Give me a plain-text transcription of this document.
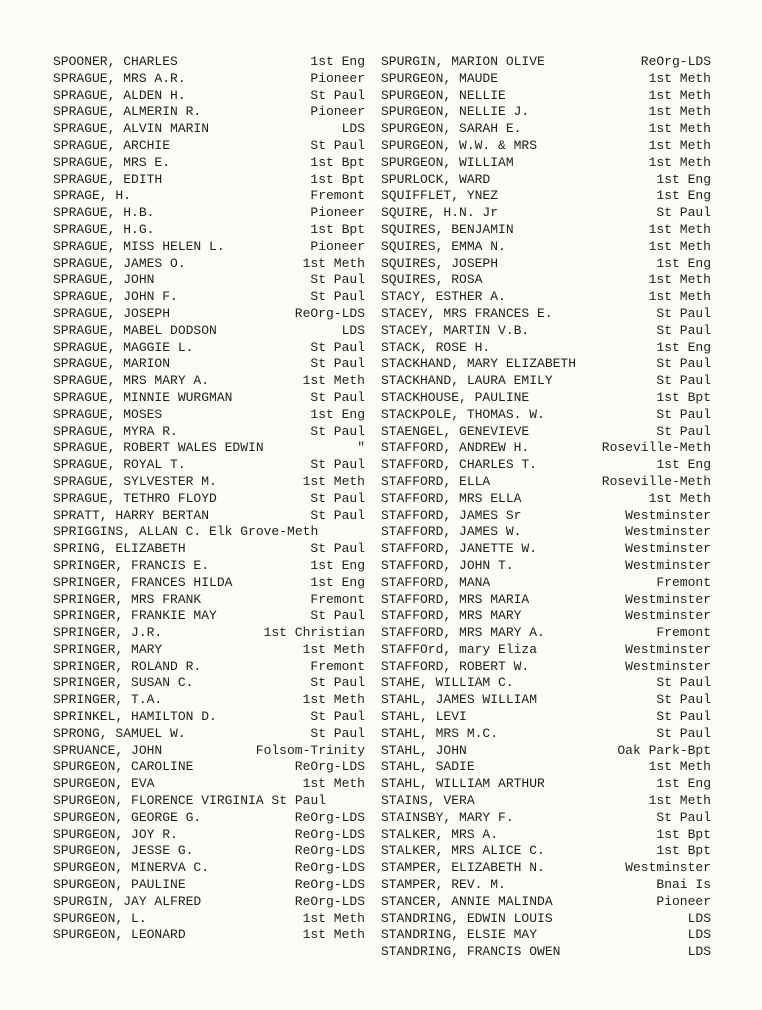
SPOONER, CHARLES	1st Eng
SPRAGUE, MRS A.R.	Pioneer
SPRAGUE, ALDEN H.	St Paul
SPRAGUE, ALMERIN R.	Pioneer
SPRAGUE, ALVIN MARIN	LDS
SPRAGUE, ARCHIE	St Paul
SPRAGUE, MRS E.	1st Bpt
SPRAGUE, EDITH	1st Bpt
SPRAGE, H.	Fremont
SPRAGUE, H.B.	Pioneer
SPRAGUE, H.G.	1st Bpt
SPRAGUE, MISS HELEN L.	Pioneer
SPRAGUE, JAMES O.	1st Meth
SPRAGUE, JOHN	St Paul
SPRAGUE, JOHN F.	St Paul
SPRAGUE, JOSEPH	ReOrg-LDS
SPRAGUE, MABEL DODSON	LDS
SPRAGUE, MAGGIE L.	St Paul
SPRAGUE, MARION	St Paul
SPRAGUE, MRS MARY A.	1st Meth
SPRAGUE, MINNIE WURGMAN	St Paul
SPRAGUE, MOSES	1st Eng
SPRAGUE, MYRA R.	St Paul
SPRAGUE, ROBERT WALES EDWIN	"
SPRAGUE, ROYAL T.	St Paul
SPRAGUE, SYLVESTER M.	1st Meth
SPRAGUE, TETHRO FLOYD	St Paul
SPRATT, HARRY BERTAN	St Paul
SPRIGGINS, ALLAN C. Elk Grove-Meth
SPRING, ELIZABETH	St Paul
SPRINGER, FRANCIS E.	1st Eng
SPRINGER, FRANCES HILDA	1st Eng
SPRINGER, MRS FRANK	Fremont
SPRINGER, FRANKIE MAY	St Paul
SPRINGER, J.R.	1st Christian
SPRINGER, MARY	1st Meth
SPRINGER, ROLAND R.	Fremont
SPRINGER, SUSAN C.	St Paul
SPRINGER, T.A.	1st Meth
SPRINKEL, HAMILTON D.	St Paul
SPRONG, SAMUEL W.	St Paul
SPRUANCE, JOHN	Folsom-Trinity
SPURGEON, CAROLINE	ReOrg-LDS
SPURGEON, EVA	1st Meth
SPURGEON, FLORENCE VIRGINIA St Paul
SPURGEON, GEORGE G.	ReOrg-LDS
SPURGEON, JOY R.	ReOrg-LDS
SPURGEON, JESSE G.	ReOrg-LDS
SPURGEON, MINERVA C.	ReOrg-LDS
SPURGEON, PAULINE	ReOrg-LDS
SPURGIN, JAY ALFRED	ReOrg-LDS
SPURGEON, L.	1st Meth
SPURGEON, LEONARD	1st Meth
SPURGIN, MARION OLIVE	ReOrg-LDS
SPURGEON, MAUDE	1st Meth
SPURGEON, NELLIE	1st Meth
SPURGEON, NELLIE J.	1st Meth
SPURGEON, SARAH E.	1st Meth
SPURGEON, W.W. & MRS	1st Meth
SPURGEON, WILLIAM	1st Meth
SPURLOCK, WARD	1st Eng
SQUIFFLET, YNEZ	1st Eng
SQUIRE, H.N. Jr	St Paul
SQUIRES, BENJAMIN	1st Meth
SQUIRES, EMMA N.	1st Meth
SQUIRES, JOSEPH	1st Eng
SQUIRES, ROSA	1st Meth
STACY, ESTHER A.	1st Meth
STACEY, MRS FRANCES E.	St Paul
STACEY, MARTIN V.B.	St Paul
STACK, ROSE H.	1st Eng
STACKHAND, MARY ELIZABETH	St Paul
STACKHAND, LAURA EMILY	St Paul
STACKHOUSE, PAULINE	1st Bpt
STACKPOLE, THOMAS. W.	St Paul
STAENGEL, GENEVIEVE	St Paul
STAFFORD, ANDREW H.	Roseville-Meth
STAFFORD, CHARLES T.	1st Eng
STAFFORD, ELLA	Roseville-Meth
STAFFORD, MRS ELLA	1st Meth
STAFFORD, JAMES Sr	Westminster
STAFFORD, JAMES W.	Westminster
STAFFORD, JANETTE W.	Westminster
STAFFORD, JOHN T.	Westminster
STAFFORD, MANA	Fremont
STAFFORD, MRS MARIA	Westminster
STAFFORD, MRS MARY	Westminster
STAFFORD, MRS MARY A.	Fremont
STAFFOrd, mary Eliza	Westminster
STAFFORD, ROBERT W.	Westminster
STAHE, WILLIAM C.	St Paul
STAHL, JAMES WILLIAM	St Paul
STAHL, LEVI	St Paul
STAHL, MRS M.C.	St Paul
STAHL, JOHN	Oak Park-Bpt
STAHL, SADIE	1st Meth
STAHL, WILLIAM ARTHUR	1st Eng
STAINS, VERA	1st Meth
STAINSBY, MARY F.	St Paul
STALKER, MRS A.	1st Bpt
STALKER, MRS ALICE C.	1st Bpt
STAMPER, ELIZABETH N.	Westminster
STAMPER, REV. M.	Bnai Is
STANCER, ANNIE MALINDA	Pioneer
STANDRING, EDWIN LOUIS	LDS
STANDRING, ELSIE MAY	LDS
STANDRING, FRANCIS OWEN	LDS
